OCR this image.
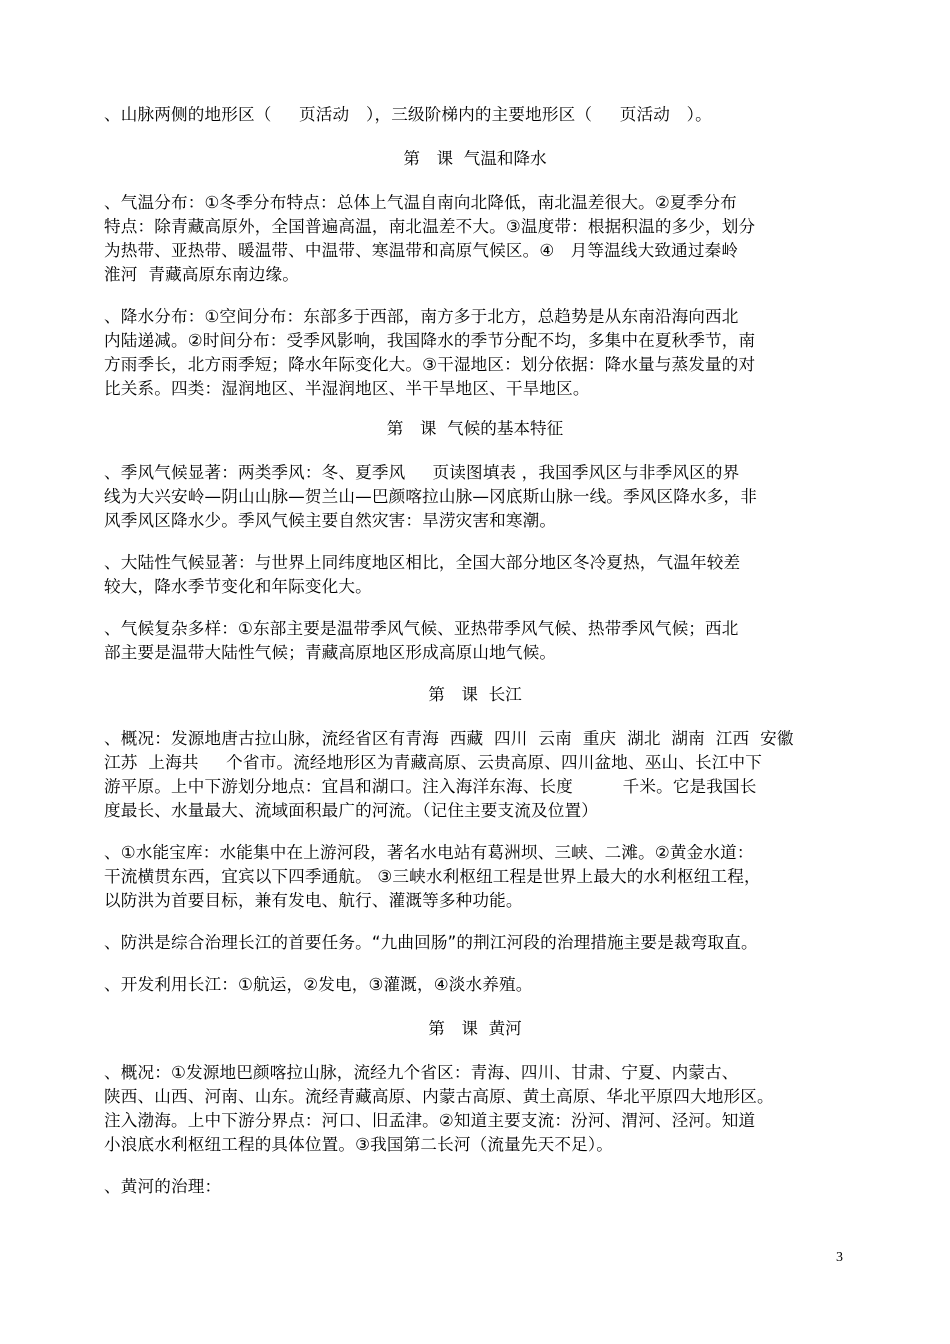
、山脉两侧的地形区（　  页活动　），三级阶梯内的主要地形区（　  页活动　）。
第　课  气温和降水
、气温分布：①冬季分布特点：总体上气温自南向北降低，南北温差很大。②夏季分布
特点：除青藏高原外，全国普遍高温，南北温差不大。③温度带：根据积温的多少，划分
为热带、亚热带、暖温带、中温带、寒温带和高原气候区。④   月等温线大致通过秦岭
淮河  青藏高原东南边缘。
、降水分布：①空间分布：东部多于西部，南方多于北方，总趋势是从东南沿海向西北
内陆递减。②时间分布：受季风影响，我国降水的季节分配不均，多集中在夏秋季节，南
方雨季长，北方雨季短；降水年际变化大。③干湿地区：划分依据：降水量与蒸发量的对
比关系。四类：湿润地区、半湿润地区、半干旱地区、干旱地区。
第　课  气候的基本特征
、季风气候显著：两类季风：冬、夏季风     页读图填表 ，我国季风区与非季风区的界
线为大兴安岭—阴山山脉—贺兰山—巴颜喀拉山脉—冈底斯山脉一线。季风区降水多，非
风季风区降水少。季风气候主要自然灾害：旱涝灾害和寒潮。
、大陆性气候显著：与世界上同纬度地区相比，全国大部分地区冬冷夏热，气温年较差
较大，降水季节变化和年际变化大。
、气候复杂多样：①东部主要是温带季风气候、亚热带季风气候、热带季风气候；西北
部主要是温带大陆性气候；青藏高原地区形成高原山地气候。
第　课  长江
、概况：发源地唐古拉山脉，流经省区有青海  西藏  四川  云南  重庆  湖北  湖南  江西  安徽
江苏  上海共　  个省市。流经地形区为青藏高原、云贵高原、四川盆地、巫山、长江中下
游平原。上中下游划分地点：宜昌和湖口。注入海洋东海、长度　　   千米。它是我国长
度最长、水量最大、流域面积最广的河流。（记住主要支流及位置）
、①水能宝库：水能集中在上游河段，著名水电站有葛洲坝、三峡、二滩。②黄金水道：
干流横贯东西，宜宾以下四季通航。 ③三峡水利枢纽工程是世界上最大的水利枢纽工程，
以防洪为首要目标，兼有发电、航行、灌溉等多种功能。
、防洪是综合治理长江的首要任务。“九曲回肠”的荆江河段的治理措施主要是裁弯取直。
、开发利用长江：①航运，②发电，③灌溉，④淡水养殖。
第　课  黄河
、概况：①发源地巴颜喀拉山脉，流经九个省区：青海、四川、甘肃、宁夏、内蒙古、
陕西、山西、河南、山东。流经青藏高原、内蒙古高原、黄土高原、华北平原四大地形区。
注入渤海。上中下游分界点：河口、旧孟津。②知道主要支流：汾河、渭河、泾河。知道
小浪底水利枢纽工程的具体位置。③我国第二长河（流量先天不足）。
、黄河的治理：
3
